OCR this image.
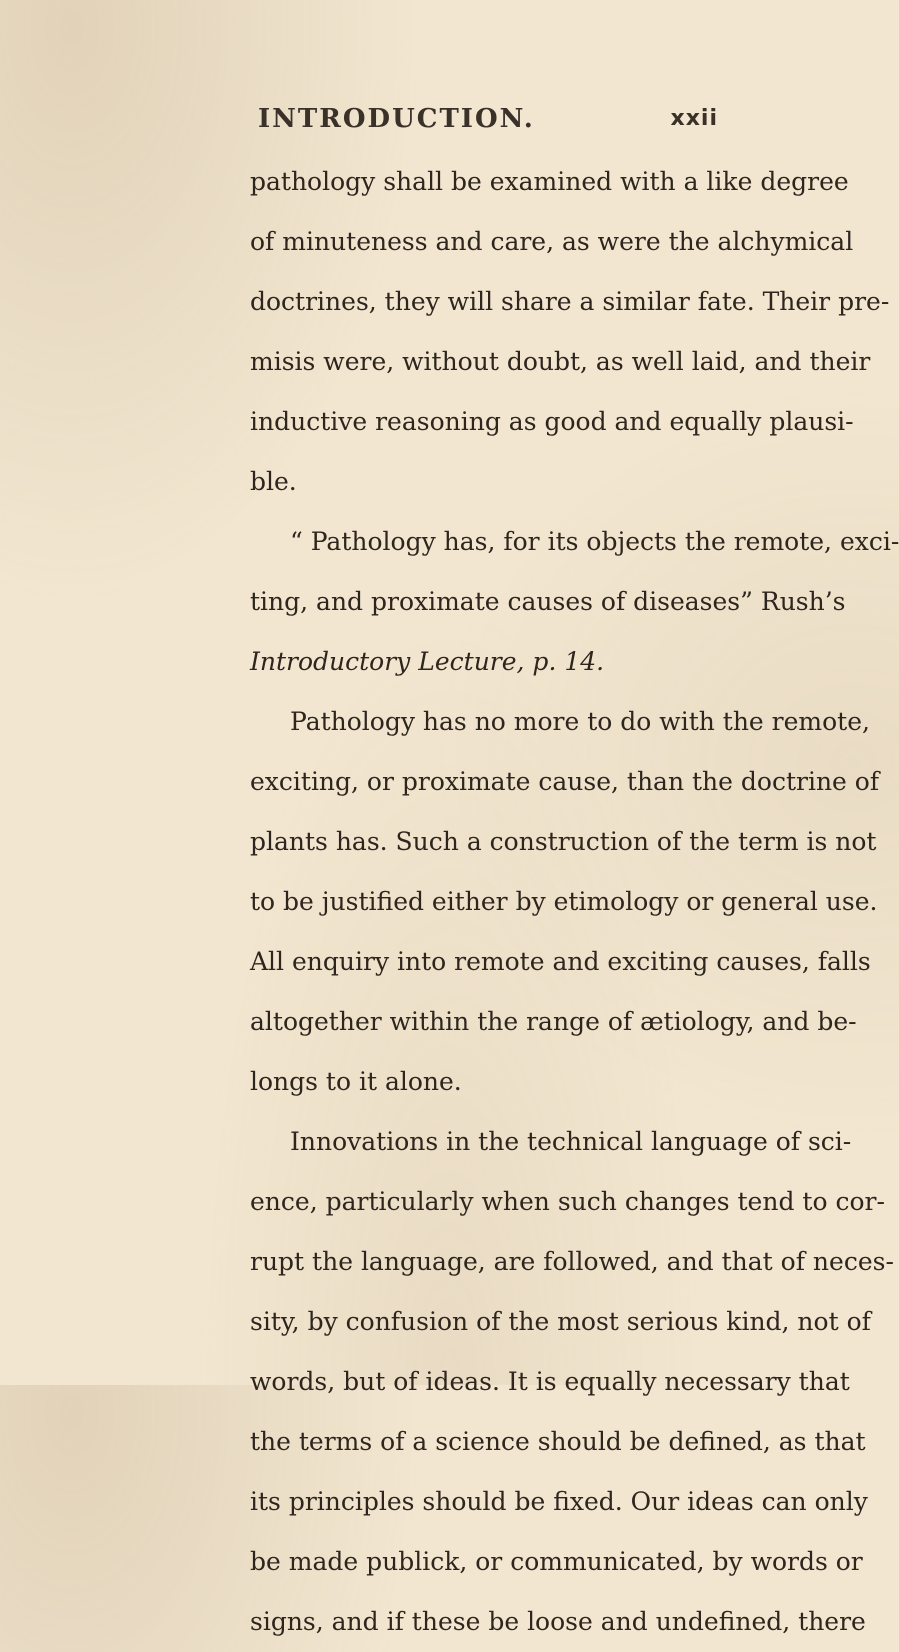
INTRODUCTION.	xxii
pathology shall be examined with a like degree
of minuteness and care, as were the alchymical
doctrines, they will share a similar fate. Their pre-
misis were, without doubt, as well laid, and their
inductive reasoning as good and equally plausi-
ble.
“ Pathology has, for its objects the remote, exci-
ting, and proximate causes of diseases” Rush’s
Introductory Lecture, p. 14.
Pathology has no more to do with the remote,
exciting, or proximate cause, than the doctrine of
plants has. Such a construction of the term is not
to be justified either by etimology or general use.
All enquiry into remote and exciting causes, falls
altogether within the range of ætiology, and be-
longs to it alone.
Innovations in the technical language of sci-
ence, particularly when such changes tend to cor-
rupt the language, are followed, and that of neces-
sity, by confusion of the most serious kind, not of
words, but of ideas. It is equally necessary that
the terms of a science should be defined, as that
its principles should be fixed. Our ideas can only
be made publick, or communicated, by words or
signs, and if these be loose and undefined, there
